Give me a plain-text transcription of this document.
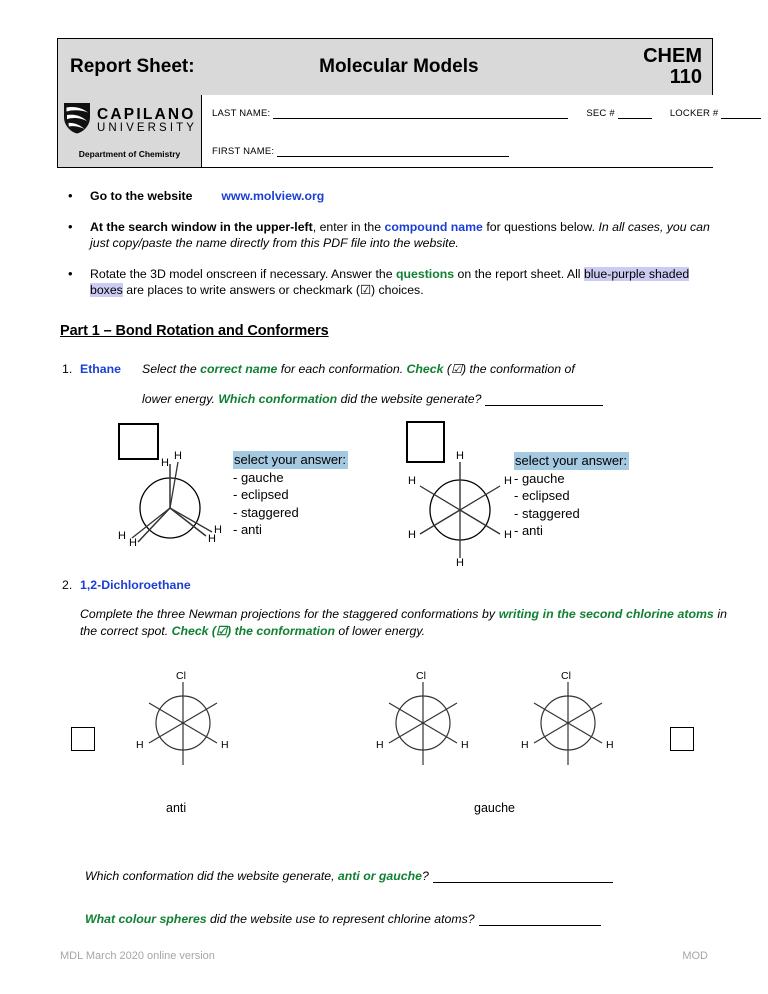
Report Sheet:	Molecular Models	CHEM
110
CAPILANO
UNIVERSITY
Department of Chemistry
LAST NAME:	SEC #	LOCKER #
FIRST NAME:
•	Go to the website www.molview.org
•	At the search window in the upper-left, enter in the compound name for questions below. In all cases, you can just copy/paste the name directly from this PDF file into the website.
•	Rotate the 3D model onscreen if necessary. Answer the questions on the report sheet. All blue-purple shaded boxes are places to write answers or checkmark (☑) choices.
Part 1 – Bond Rotation and Conformers
1. Ethane	Select the correct name for each conformation. Check (☑) the conformation of
lower energy. Which conformation did the website generate?
H
H
H
H
H
H
select your answer:
- gauche
- eclipsed
- staggered
- anti
H
H
H	H
H	H
select your answer:
- gauche
- eclipsed
- staggered
- anti
2. 1,2-Dichloroethane
Complete the three Newman projections for the staggered conformations by writing in the second chlorine atoms in the correct spot. Check (☑) the conformation of lower energy.
Cl
H	H
anti
Cl
H	H
gauche
Cl
H	H
Which conformation did the website generate, anti or gauche?
What colour spheres did the website use to represent chlorine atoms?
MDL March 2020 online version	MOD
